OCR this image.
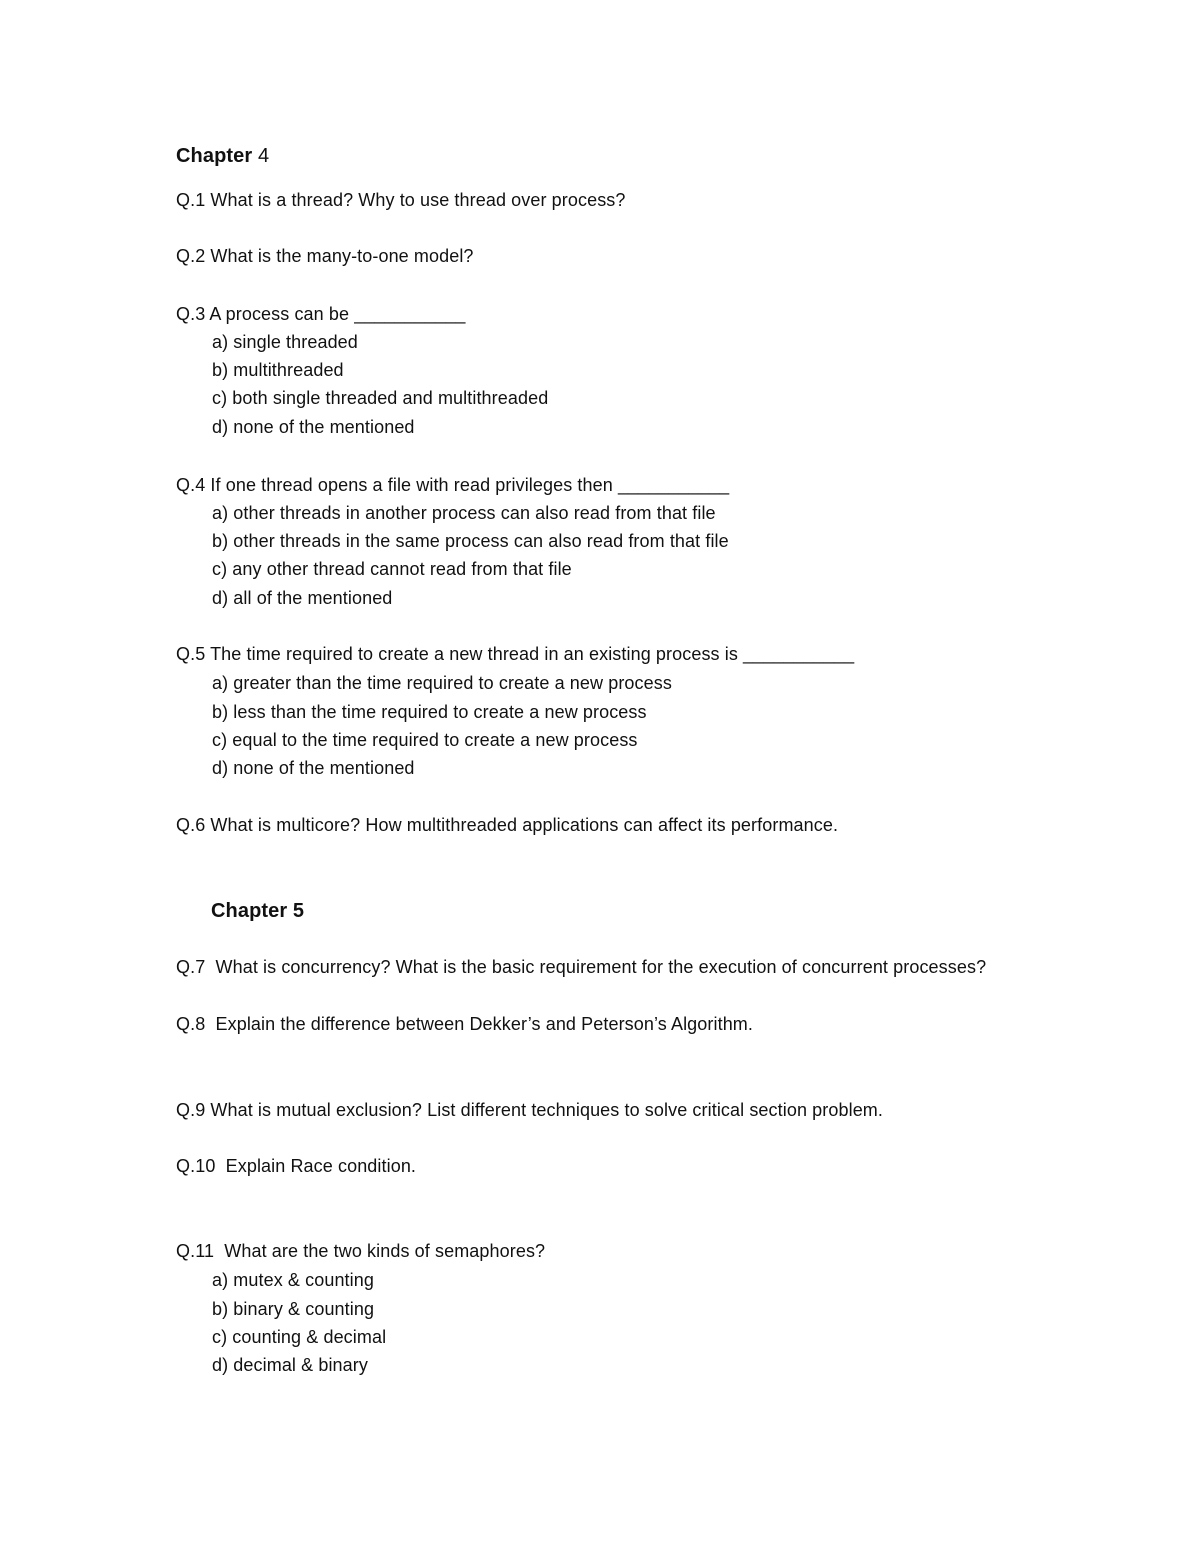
Chapter 4
Q.1 What is a thread? Why to use thread over process?
Q.2 What is the many-to-one model?
Q.3 A process can be ___________
a) single threaded
b) multithreaded
c) both single threaded and multithreaded
d) none of the mentioned
Q.4 If one thread opens a file with read privileges then ___________
a) other threads in another process can also read from that file
b) other threads in the same process can also read from that file
c) any other thread cannot read from that file
d) all of the mentioned
Q.5 The time required to create a new thread in an existing process is ___________
a) greater than the time required to create a new process
b) less than the time required to create a new process
c) equal to the time required to create a new process
d) none of the mentioned
Q.6 What is multicore? How multithreaded applications can affect its performance.
Chapter 5
Q.7  What is concurrency? What is the basic requirement for the execution of concurrent processes?
Q.8  Explain the difference between Dekker’s and Peterson’s Algorithm.
Q.9 What is mutual exclusion? List different techniques to solve critical section problem.
Q.10  Explain Race condition.
Q.11  What are the two kinds of semaphores?
a) mutex & counting
b) binary & counting
c) counting & decimal
d) decimal & binary
